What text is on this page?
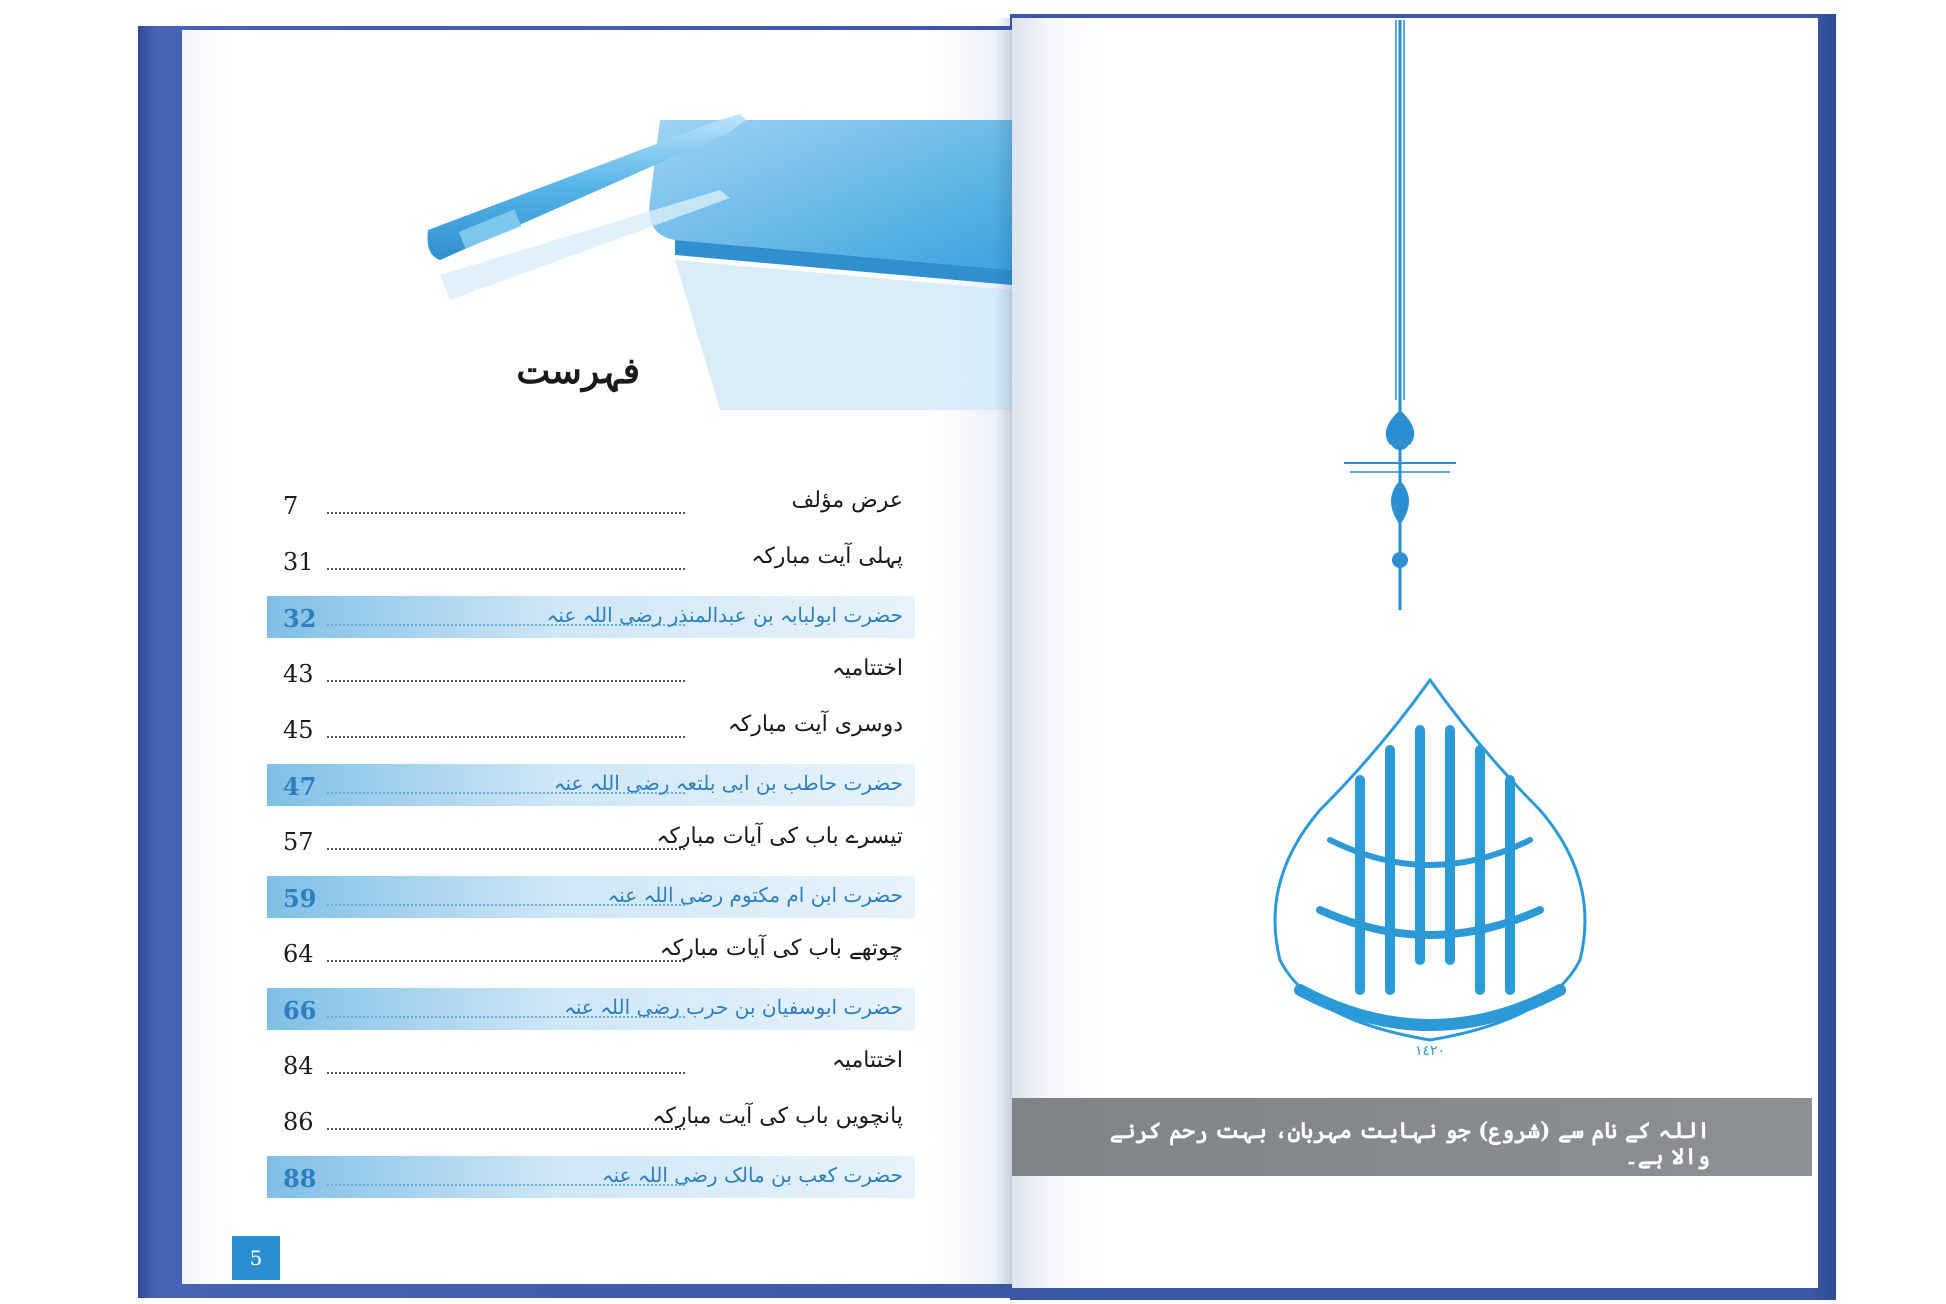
فہرست
7	عرض مؤلف
31	پہلی آیت مبارکہ
32	حضرت ابولبابہ بن عبدالمنذر رضی اللہ عنہ
43	اختتامیہ
45	دوسری آیت مبارکہ
47	حضرت حاطب بن ابی بلتعہ رضی اللہ عنہ
57	تیسرے باب کی آیات مبارکہ
59	حضرت ابن ام مکتوم رضی اللہ عنہ
64	چوتھے باب کی آیات مبارکہ
66	حضرت ابوسفیان بن حرب رضی اللہ عنہ
84	اختتامیہ
86	پانچویں باب کی آیت مبارکہ
88	حضرت کعب بن مالک رضی اللہ عنہ
5
١٤٢٠
اللہ کے نام سے (شروع) جو نہایت مہربان، بہت رحم کرنے والا ہے۔
